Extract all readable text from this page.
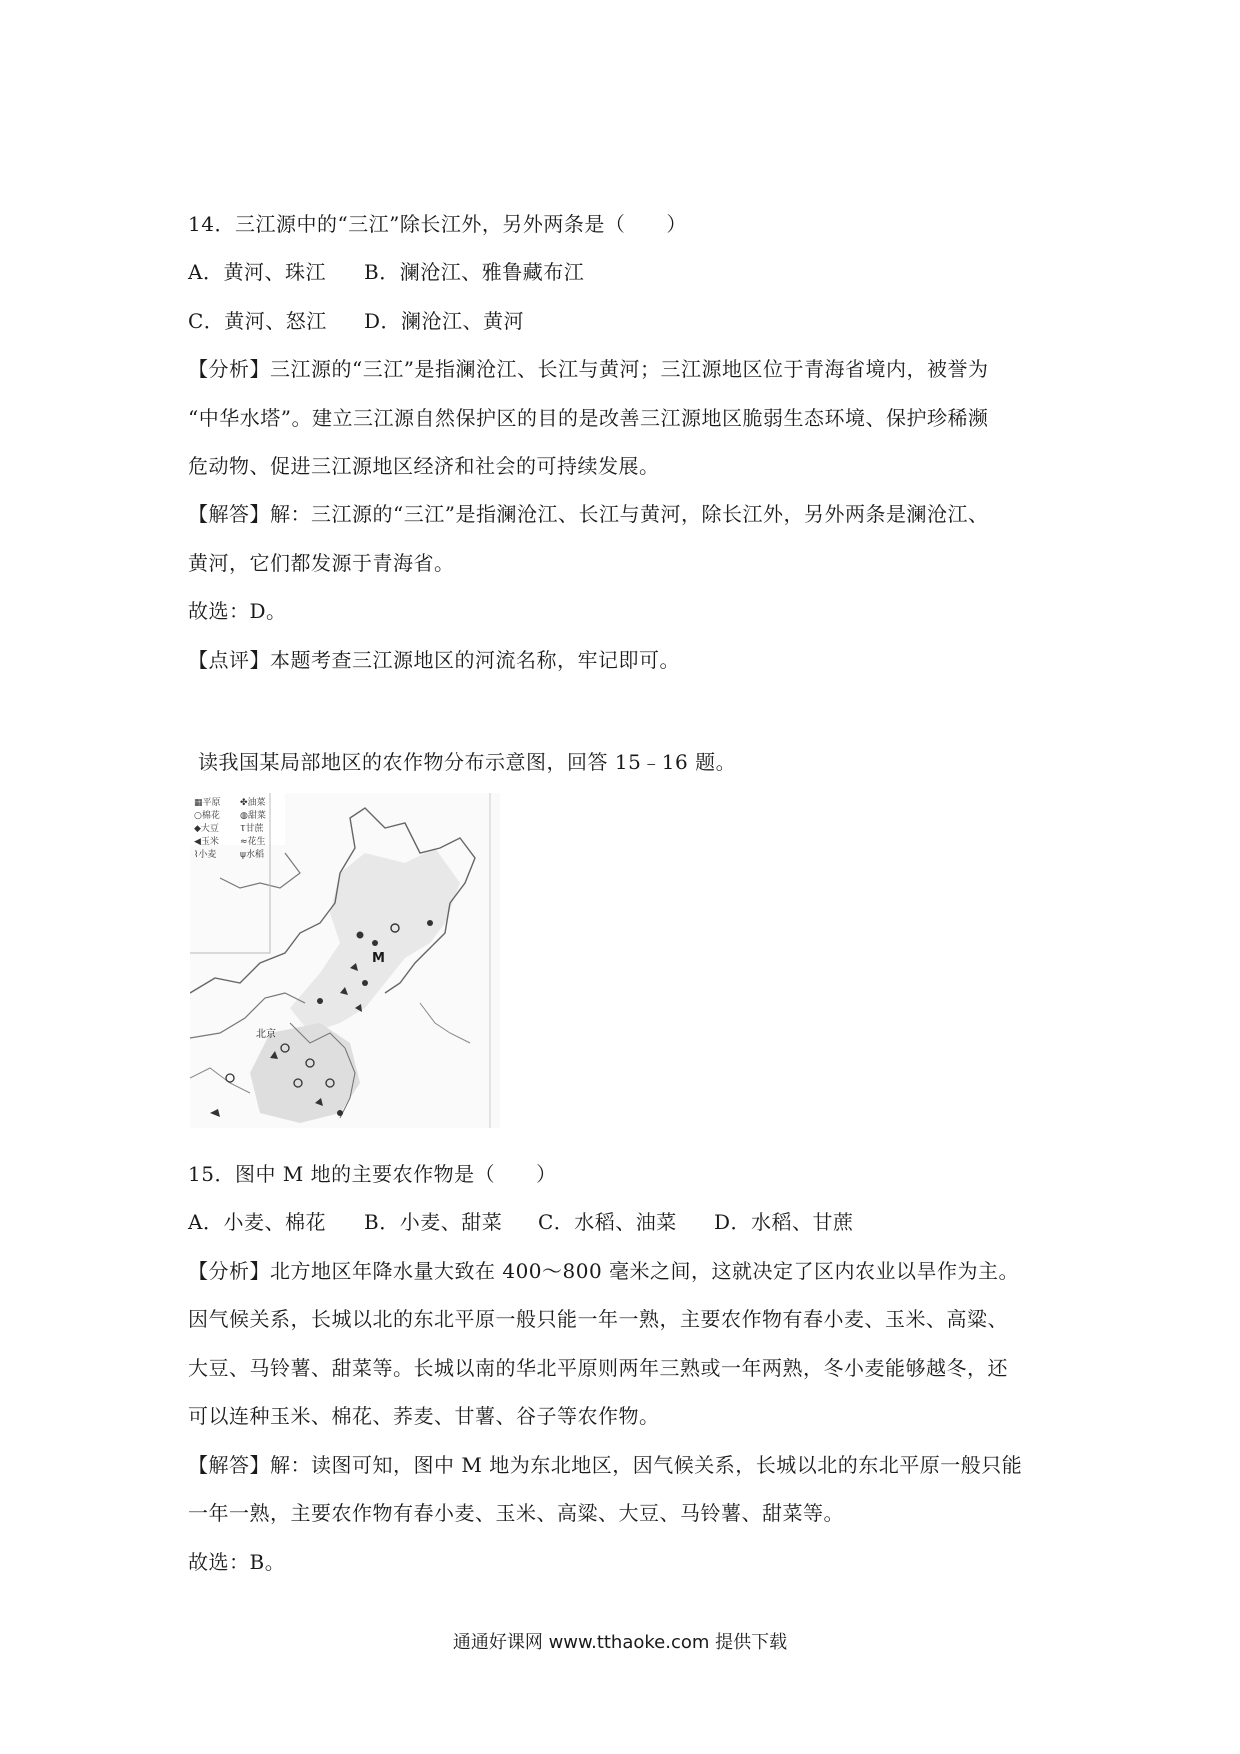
14．三江源中的“三江”除长江外，另外两条是（　　）
A．黄河、珠江 B．澜沧江、雅鲁藏布江
C．黄河、怒江 D．澜沧江、黄河
【分析】三江源的“三江”是指澜沧江、长江与黄河；三江源地区位于青海省境内，被誉为
“中华水塔”。建立三江源自然保护区的目的是改善三江源地区脆弱生态环境、保护珍稀濒
危动物、促进三江源地区经济和社会的可持续发展。
【解答】解：三江源的“三江”是指澜沧江、长江与黄河，除长江外，另外两条是澜沧江、
黄河，它们都发源于青海省。
故选：D。
【点评】本题考查三江源地区的河流名称，牢记即可。
读我国某局部地区的农作物分布示意图，回答 15﹣16 题。
▦平原	✤油菜
○棉花	◍甜菜
◆大豆	Ⲧ甘蔗
◀玉米	≈花生
⌇小麦	ψ水稻
M
北京
15．图中 M 地的主要农作物是（　　）
A．小麦、棉花 B．小麦、甜菜 C．水稻、油菜 D．水稻、甘蔗
【分析】北方地区年降水量大致在 400～800 毫米之间，这就决定了区内农业以旱作为主。
因气候关系，长城以北的东北平原一般只能一年一熟，主要农作物有春小麦、玉米、高粱、
大豆、马铃薯、甜菜等。长城以南的华北平原则两年三熟或一年两熟，冬小麦能够越冬，还
可以连种玉米、棉花、荞麦、甘薯、谷子等农作物。
【解答】解：读图可知，图中 M 地为东北地区，因气候关系，长城以北的东北平原一般只能
一年一熟，主要农作物有春小麦、玉米、高粱、大豆、马铃薯、甜菜等。
故选：B。
通通好课网 www.tthaoke.com 提供下载
